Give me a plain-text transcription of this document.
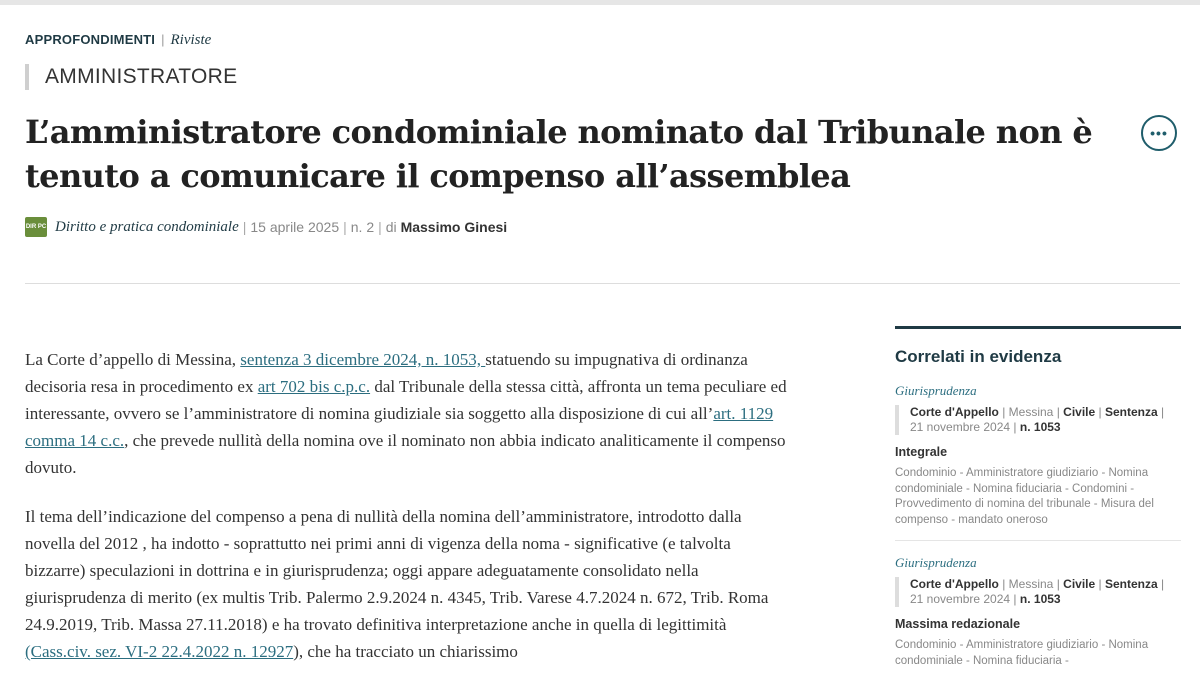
APPROFONDIMENTI | Riviste
AMMINISTRATORE
L’amministratore condominiale nominato dal Tribunale non è tenuto a comunicare il compenso all’assemblea
•••
DIR PC Diritto e pratica condominiale | 15 aprile 2025 | n. 2 | di
Massimo Ginesi

La Corte d’appello di Messina, sentenza 3 dicembre 2024, n. 1053, statuendo su impugnativa di ordinanza decisoria resa in procedimento ex art 702 bis c.p.c. dal Tribunale della stessa città, affronta un tema peculiare ed interessante, ovvero se l’amministratore di nomina giudiziale sia soggetto alla disposizione di cui all’art. 1129 comma 14 c.c., che prevede nullità della nomina ove il nominato non abbia indicato analiticamente il compenso dovuto.

Il tema dell’indicazione del compenso a pena di nullità della nomina dell’amministratore, introdotto dalla novella del 2012 , ha indotto - soprattutto nei primi anni di vigenza della noma - significative (e talvolta bizzarre) speculazioni in dottrina e in giurisprudenza; oggi appare adeguatamente consolidato nella giurisprudenza di merito (ex multis Trib. Palermo 2.9.2024 n. 4345, Trib. Varese 4.7.2024 n. 672, Trib. Roma 24.9.2019, Trib. Massa 27.11.2018) e ha trovato definitiva interpretazione anche in quella di legittimità (Cass.civ. sez. VI-2 22.4.2022 n. 12927), che ha tracciato un chiarissimo

Correlati in evidenza
Giurisprudenza
Corte d'Appello | Messina | Civile | Sentenza |
21 novembre 2024 | n. 1053
Integrale
Condominio - Amministratore giudiziario - Nomina condominiale - Nomina fiduciaria - Condomini - Provvedimento di nomina del tribunale - Misura del compenso - mandato oneroso
Giurisprudenza
Corte d'Appello | Messina | Civile | Sentenza |
21 novembre 2024 | n. 1053
Massima redazionale
Condominio - Amministratore giudiziario - Nomina condominiale - Nomina fiduciaria -
